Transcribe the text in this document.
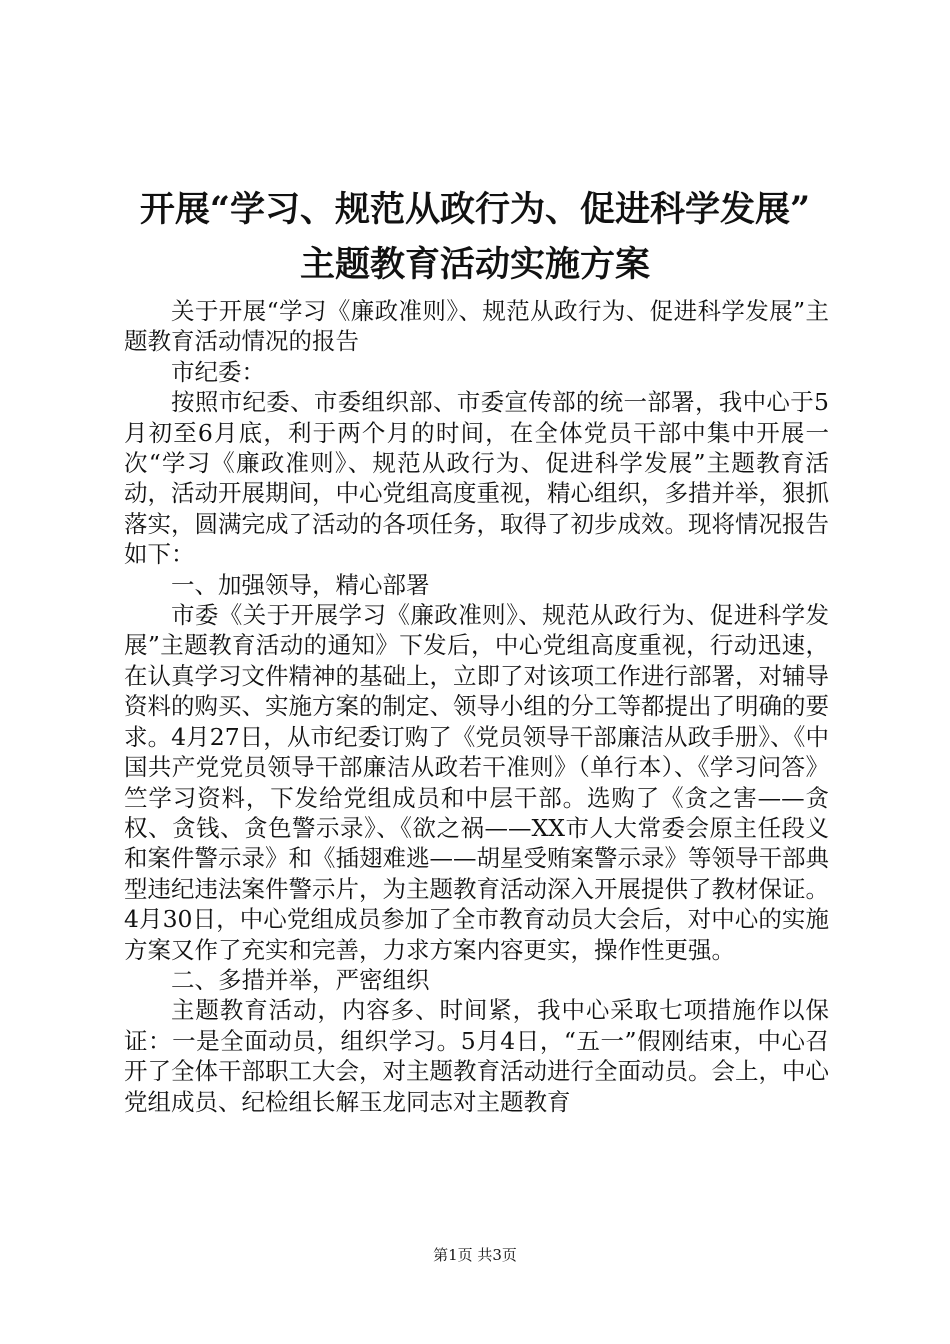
开展“学习、规范从政行为、促进科学发展”
主题教育活动实施方案

关于开展“学习《廉政准则》、规范从政行为、促进科学发展”主题教育活动情况的报告

市纪委：

按照市纪委、市委组织部、市委宣传部的统一部署，我中心于5月初至6月底，利于两个月的时间，在全体党员干部中集中开展一次“学习《廉政准则》、规范从政行为、促进科学发展”主题教育活动，活动开展期间，中心党组高度重视，精心组织，多措并举，狠抓落实，圆满完成了活动的各项任务，取得了初步成效。现将情况报告如下：

一、加强领导，精心部署

市委《关于开展学习《廉政准则》、规范从政行为、促进科学发展”主题教育活动的通知》下发后，中心党组高度重视，行动迅速，在认真学习文件精神的基础上，立即了对该项工作进行部署，对辅导资料的购买、实施方案的制定、领导小组的分工等都提出了明确的要求。4月27日，从市纪委订购了《党员领导干部廉洁从政手册》、《中国共产党党员领导干部廉洁从政若干准则》（单行本）、《学习问答》竺学习资料，下发给党组成员和中层干部。选购了《贪之害——贪权、贪钱、贪色警示录》、《欲之祸——XX市人大常委会原主任段义和案件警示录》和《插翅难逃——胡星受贿案警示录》等领导干部典型违纪违法案件警示片，为主题教育活动深入开展提供了教材保证。4月30日，中心党组成员参加了全市教育动员大会后，对中心的实施方案又作了充实和完善，力求方案内容更实，操作性更强。

二、多措并举，严密组织

主题教育活动，内容多、时间紧，我中心采取七项措施作以保证：一是全面动员，组织学习。5月4日，“五一”假刚结束，中心召开了全体干部职工大会，对主题教育活动进行全面动员。会上，中心党组成员、纪检组长解玉龙同志对主题教育

第1页 共3页
